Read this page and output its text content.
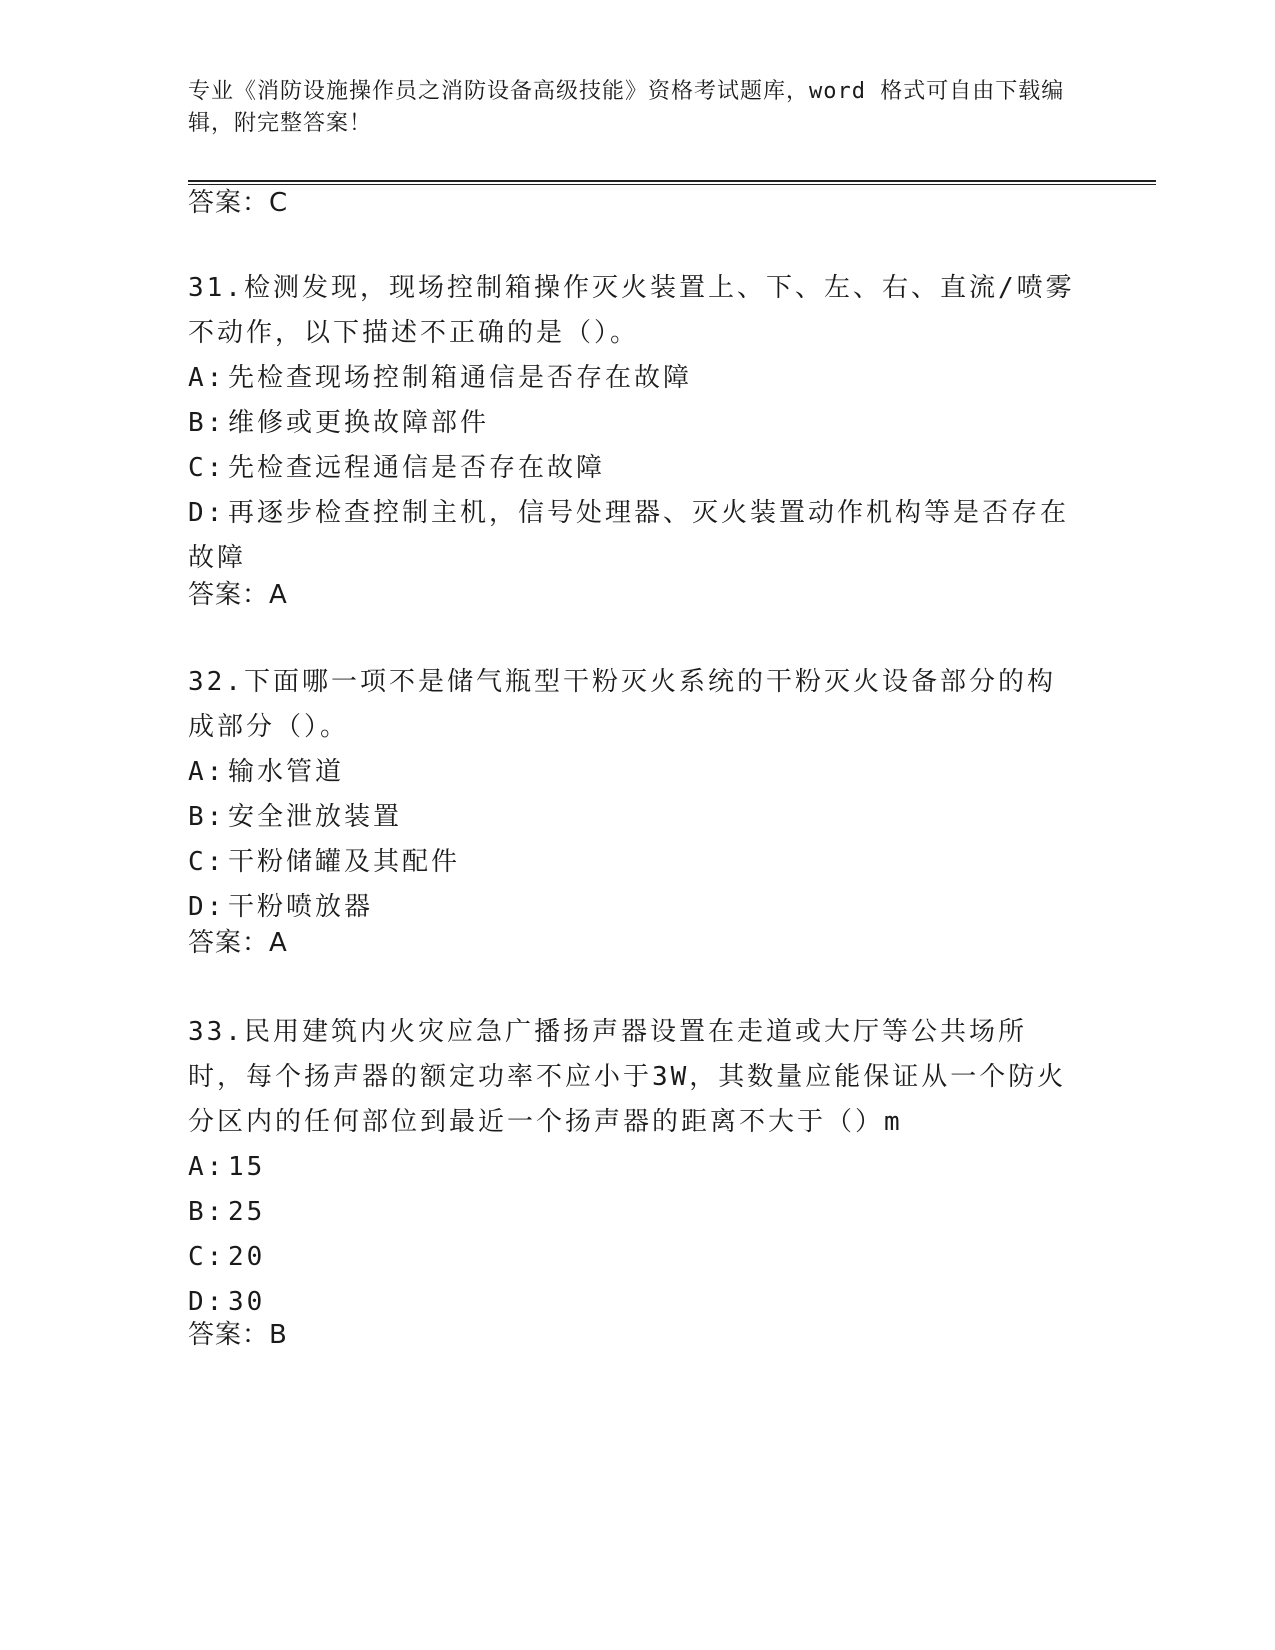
专业《消防设施操作员之消防设备高级技能》资格考试题库，word 格式可自由下载编辑，附完整答案！
答案：C

31.检测发现，现场控制箱操作灭火装置上、下、左、右、直流/喷雾不动作，以下描述不正确的是（）。

A: 先检查现场控制箱通信是否存在故障

B: 维修或更换故障部件

C: 先检查远程通信是否存在故障

D: 再逐步检查控制主机，信号处理器、灭火装置动作机构等是否存在故障

答案：A

32.下面哪一项不是储气瓶型干粉灭火系统的干粉灭火设备部分的构成部分（）。

A: 输水管道

B: 安全泄放装置

C: 干粉储罐及其配件

D: 干粉喷放器

答案：A

33.民用建筑内火灾应急广播扬声器设置在走道或大厅等公共场所时，每个扬声器的额定功率不应小于3W，其数量应能保证从一个防火分区内的任何部位到最近一个扬声器的距离不大于（）m

A: 15

B: 25

C: 20

D: 30

答案：B
